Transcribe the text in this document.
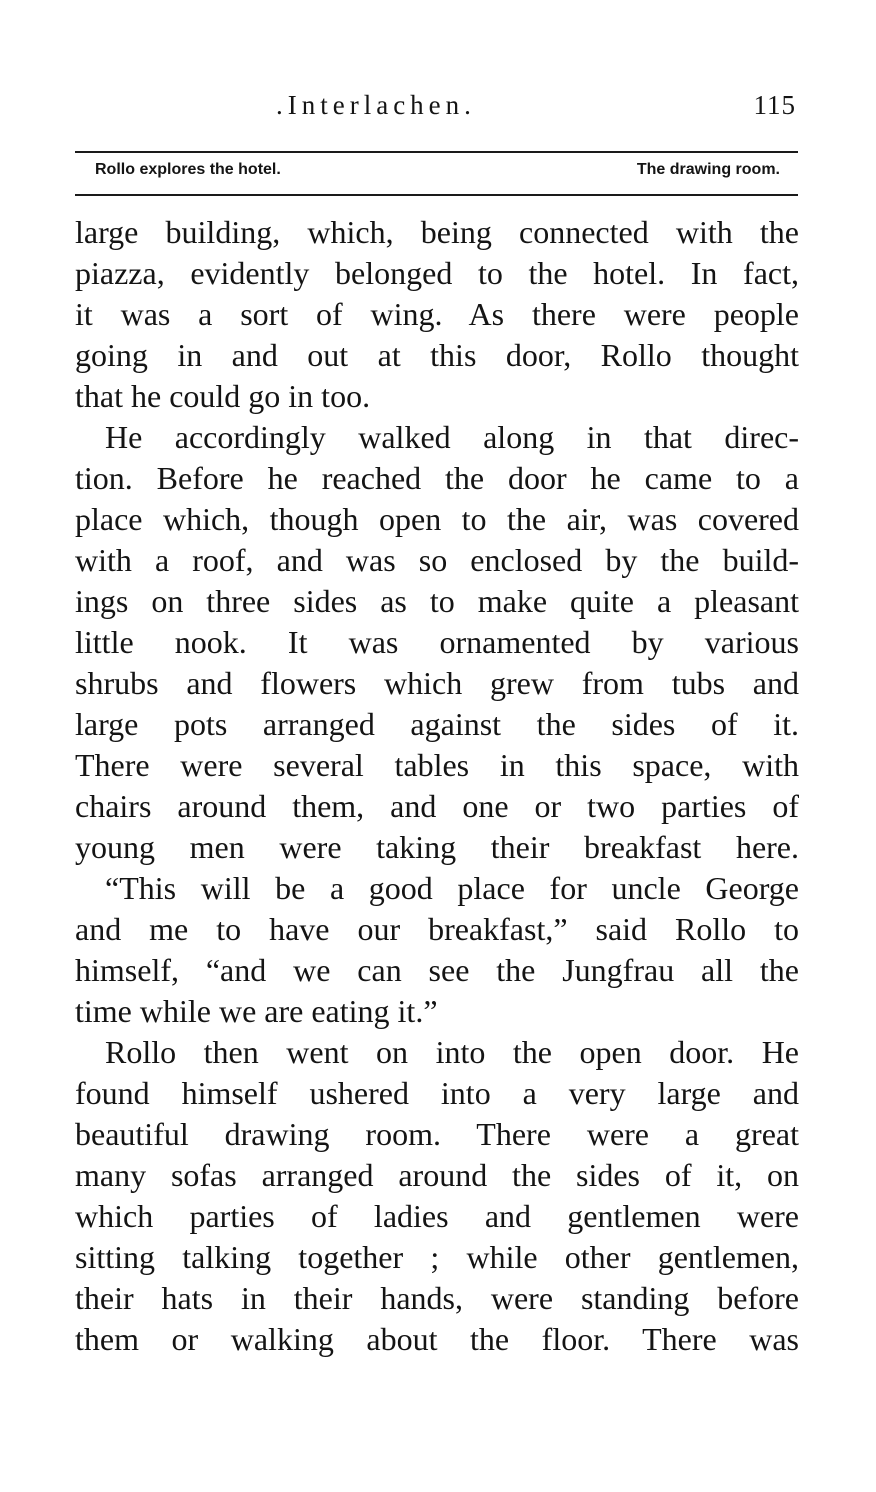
.Interlachen.	115
Rollo explores the hotel.	The drawing room.
large building, which, being connected with the
piazza, evidently belonged to the hotel. In fact,
it was a sort of wing. As there were people
going in and out at this door, Rollo thought
that he could go in too.
He accordingly walked along in that direc-
tion. Before he reached the door he came to a
place which, though open to the air, was covered
with a roof, and was so enclosed by the build-
ings on three sides as to make quite a pleasant
little nook. It was ornamented by various
shrubs and flowers which grew from tubs and
large pots arranged against the sides of it.
There were several tables in this space, with
chairs around them, and one or two parties of
young men were taking their breakfast here.
“This will be a good place for uncle George
and me to have our breakfast,” said Rollo to
himself, “and we can see the Jungfrau all the
time while we are eating it.”
Rollo then went on into the open door. He
found himself ushered into a very large and
beautiful drawing room. There were a great
many sofas arranged around the sides of it, on
which parties of ladies and gentlemen were
sitting talking together ; while other gentlemen,
their hats in their hands, were standing before
them or walking about the floor. There was
